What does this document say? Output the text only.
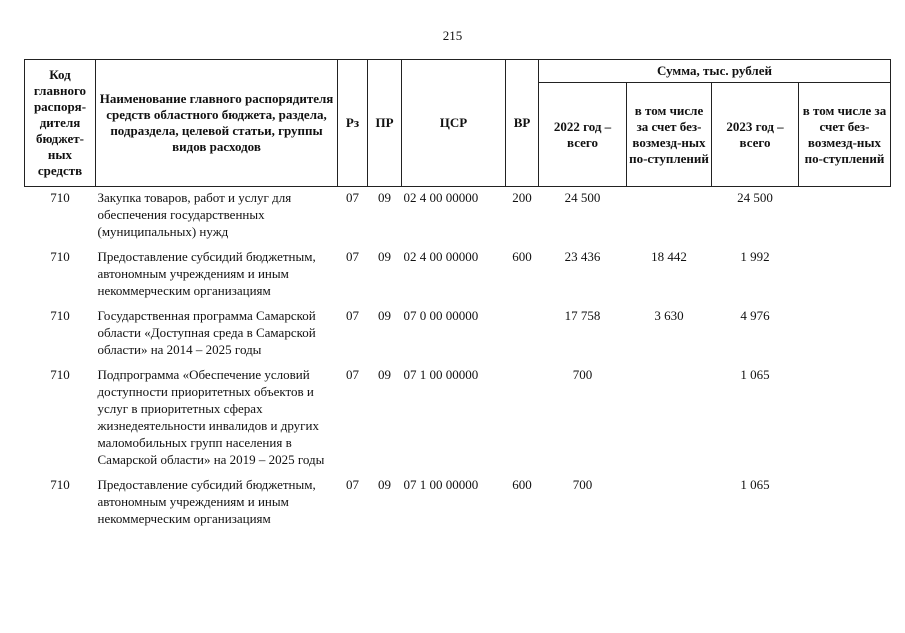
215
Код главного распоря-дителя бюджет-ных средств	Наименование главного распорядителя средств областного бюджета, раздела, подраздела, целевой статьи, группы видов расходов	Рз	ПР	ЦСР	ВР	Сумма, тыс. рублей			
						2022 год – всего	в том числе за счет без-возмезд-ных по-ступлений	2023 год – всего	в том числе за счет без-возмезд-ных по-ступлений
710	Закупка товаров, работ и услуг для обеспечения государственных (муниципальных) нужд	07	09	02 4 00 00000	200	24 500		24 500	

710	Предоставление субсидий бюджетным, автономным учреждениям и иным некоммерческим организациям	07	09	02 4 00 00000	600	23 436	18 442	1 992	

710	Государственная программа Самарской области «Доступная среда в Самарской области» на 2014 – 2025 годы	07	09	07 0 00 00000		17 758	3 630	4 976	

710	Подпрограмма «Обеспечение условий доступности приоритетных объектов и услуг в приоритетных сферах жизнедеятельности инвалидов и других маломобильных групп населения в Самарской области» на 2019 – 2025 годы	07	09	07 1 00 00000		700		1 065	

710	Предоставление субсидий бюджетным, автономным учреждениям и иным некоммерческим организациям	07	09	07 1 00 00000	600	700		1 065	
